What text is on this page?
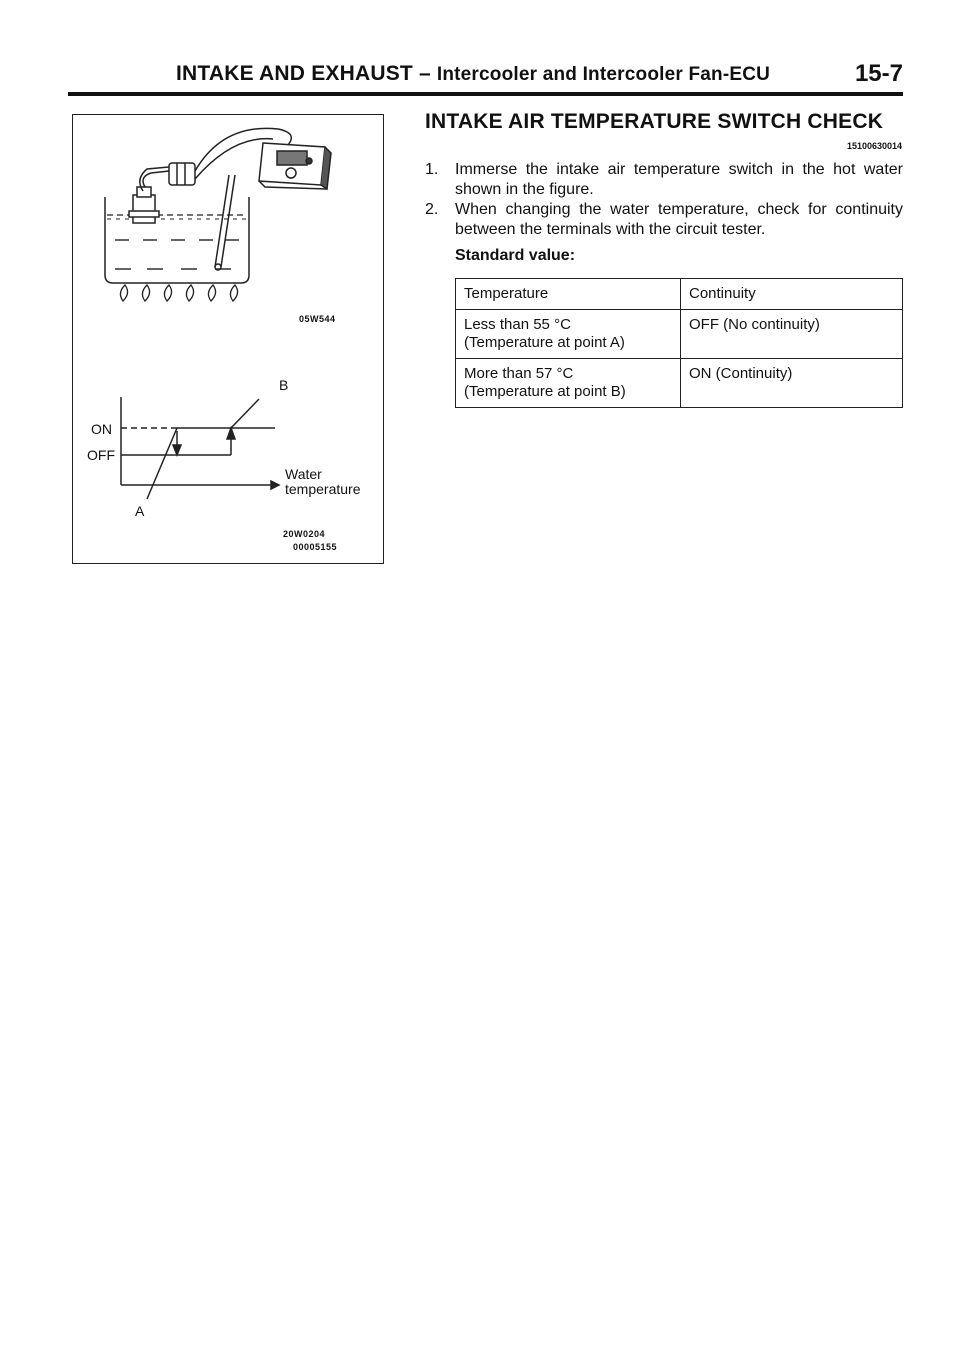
INTAKE AND EXHAUST – Intercooler and Intercooler Fan-ECU	15-7
05W544
B
ON
OFF
Water
temperature
A
20W0204
00005155
INTAKE AIR TEMPERATURE SWITCH CHECK
15100630014
1. Immerse the intake air temperature switch in the hot water shown in the figure.
2. When changing the water temperature, check for continuity between the terminals with the circuit tester.
Standard value:
Temperature	Continuity

Less than 55 °C
(Temperature at point A)	OFF (No continuity)

More than 57 °C
(Temperature at point B)	ON (Continuity)
